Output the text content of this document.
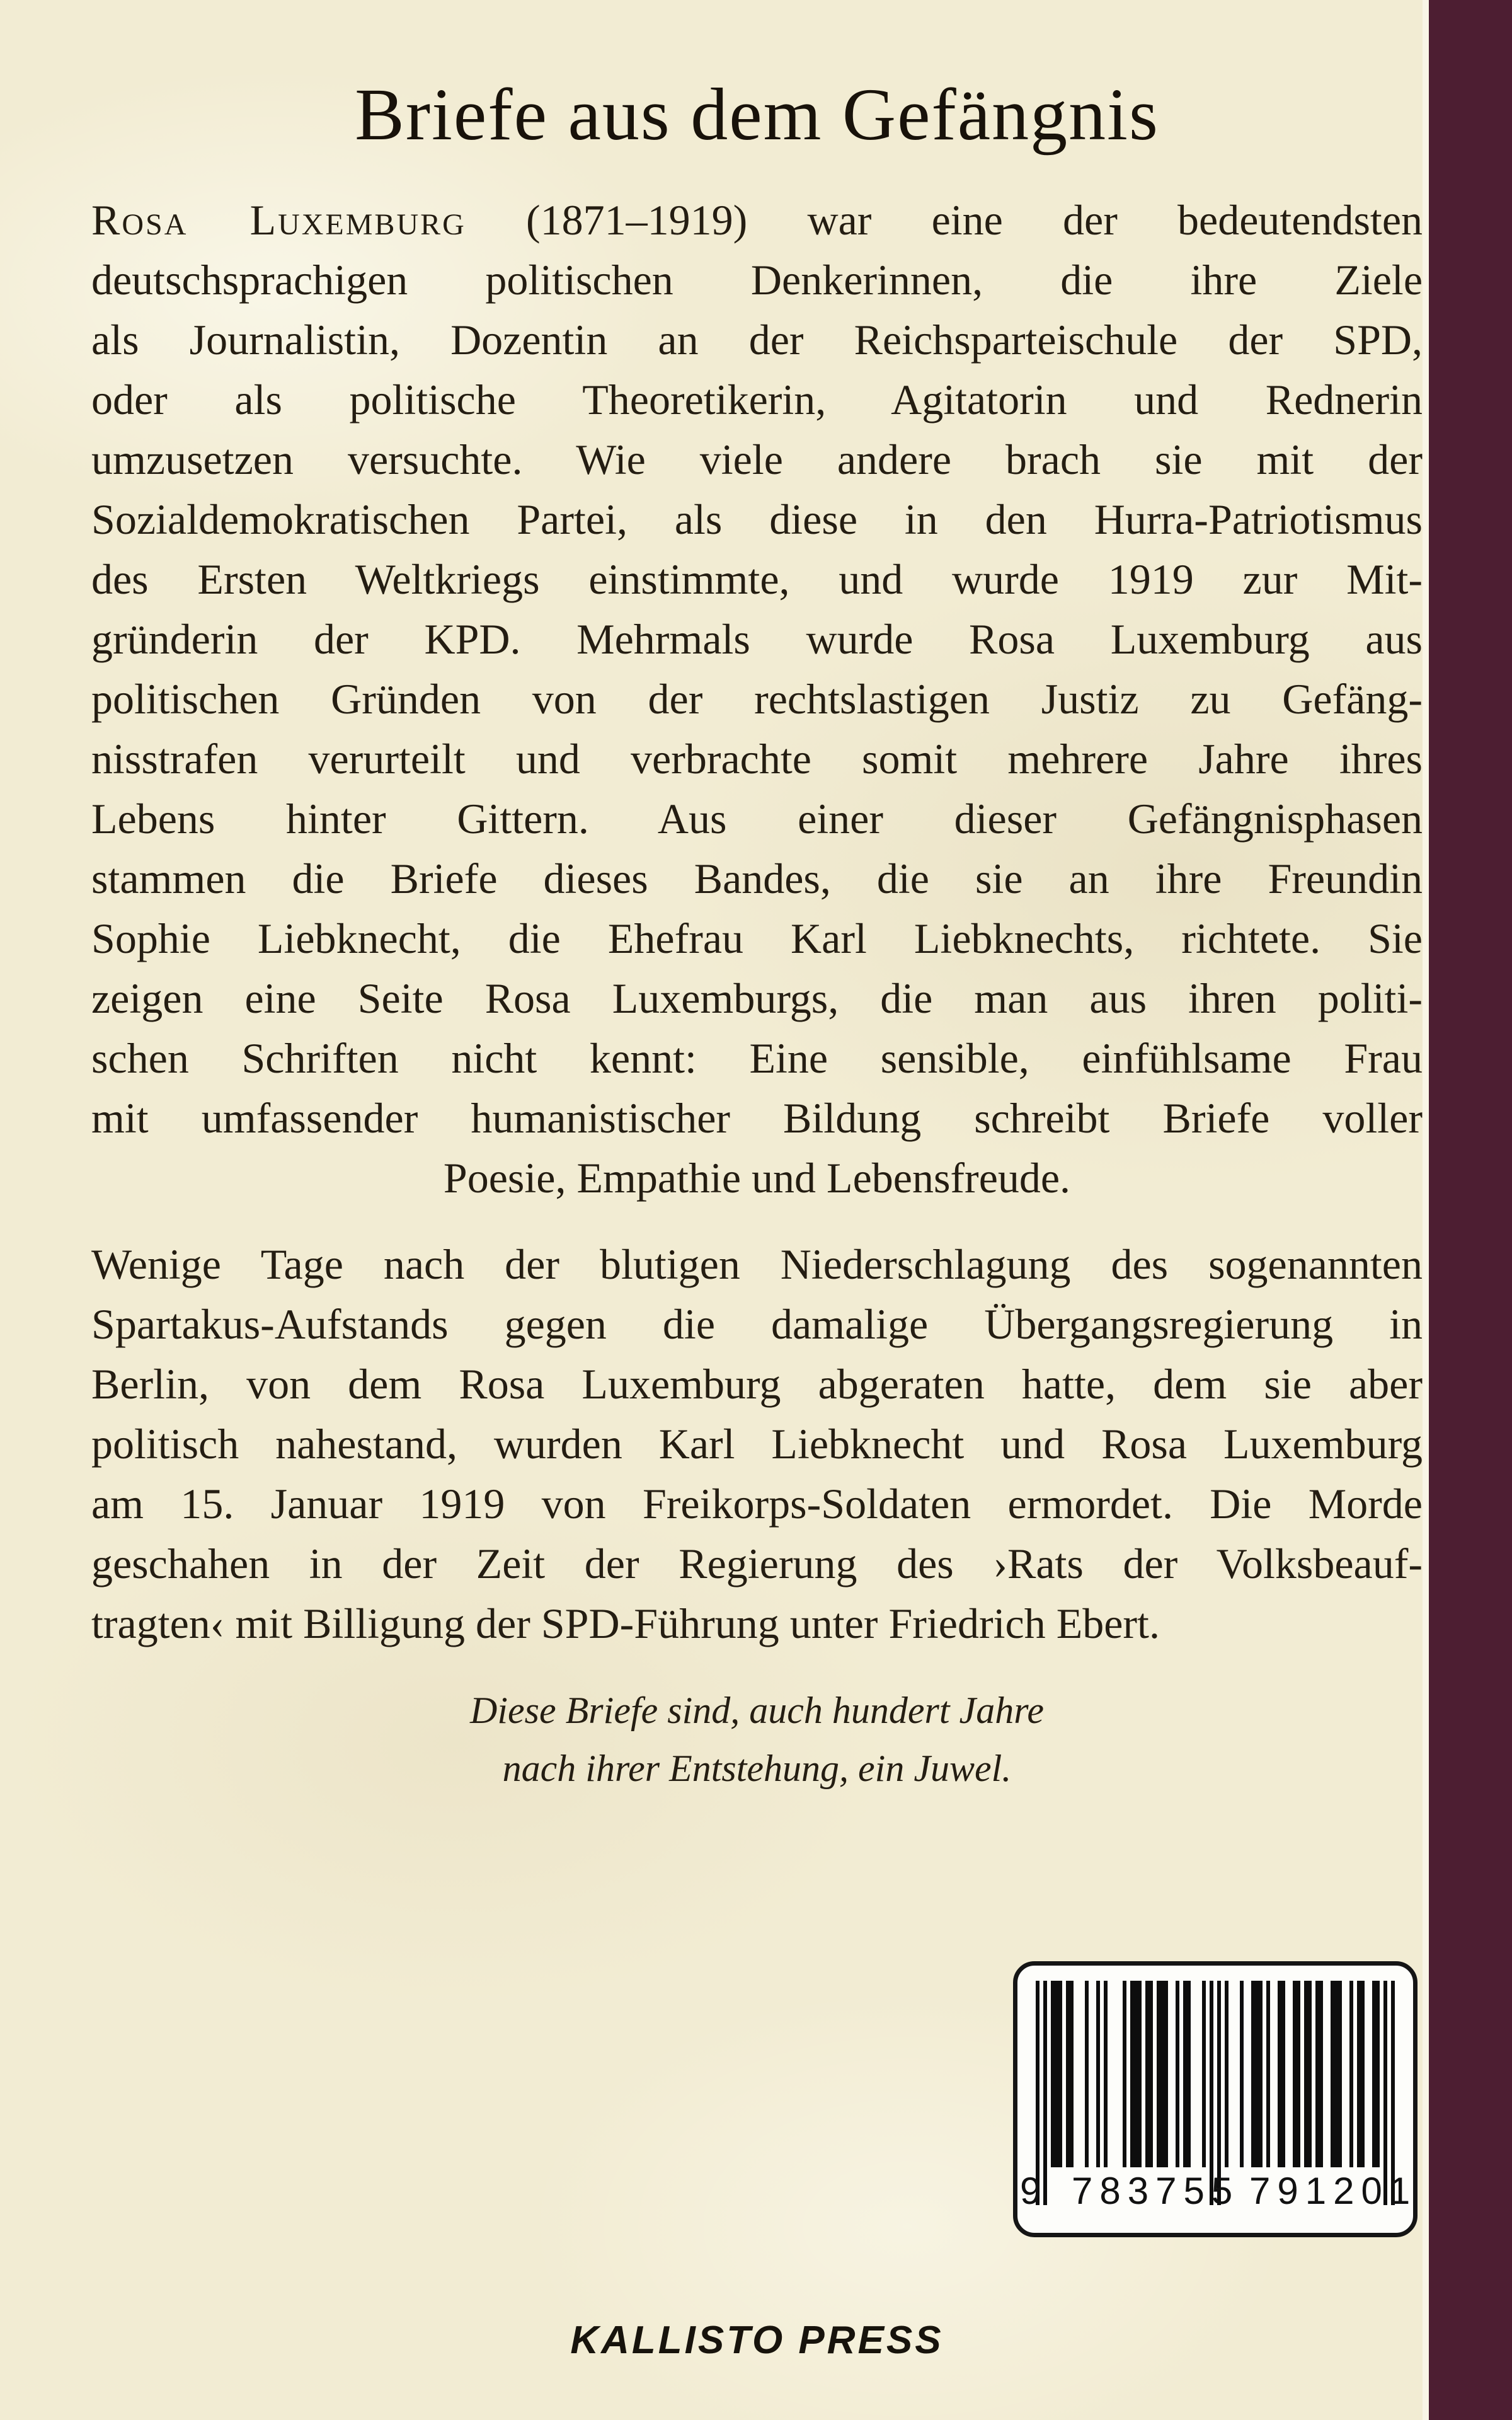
Briefe aus dem Gefängnis
Rosa Luxemburg (1871–1919) war eine der bedeutendsten
deutschsprachigen politischen Denkerinnen, die ihre Ziele
als Journalistin, Dozentin an der Reichsparteischule der SPD,
oder als politische Theoretikerin, Agitatorin und Rednerin
umzusetzen versuchte. Wie viele andere brach sie mit der
Sozialdemokratischen Partei, als diese in den Hurra-Patriotismus
des Ersten Weltkriegs einstimmte, und wurde 1919 zur Mit-
gründerin der KPD. Mehrmals wurde Rosa Luxemburg aus
politischen Gründen von der rechtslastigen Justiz zu Gefäng-
nisstrafen verurteilt und verbrachte somit mehrere Jahre ihres
Lebens hinter Gittern. Aus einer dieser Gefängnisphasen
stammen die Briefe dieses Bandes, die sie an ihre Freundin
Sophie Liebknecht, die Ehefrau Karl Liebknechts, richtete. Sie
zeigen eine Seite Rosa Luxemburgs, die man aus ihren politi-
schen Schriften nicht kennt: Eine sensible, einfühlsame Frau
mit umfassender humanistischer Bildung schreibt Briefe voller
Poesie, Empathie und Lebensfreude.
Wenige Tage nach der blutigen Niederschlagung des sogenannten
Spartakus-Aufstands gegen die damalige Übergangsregierung in
Berlin, von dem Rosa Luxemburg abgeraten hatte, dem sie aber
politisch nahestand, wurden Karl Liebknecht und Rosa Luxemburg
am 15. Januar 1919 von Freikorps-Soldaten ermordet. Die Morde
geschahen in der Zeit der Regierung des ›Rats der Volksbeauf-
tragten‹ mit Billigung der SPD-Führung unter Friedrich Ebert.
Diese Briefe sind, auch hundert Jahre
nach ihrer Entstehung, ein Juwel.
9 783755 791201
KALLISTO PRESS
